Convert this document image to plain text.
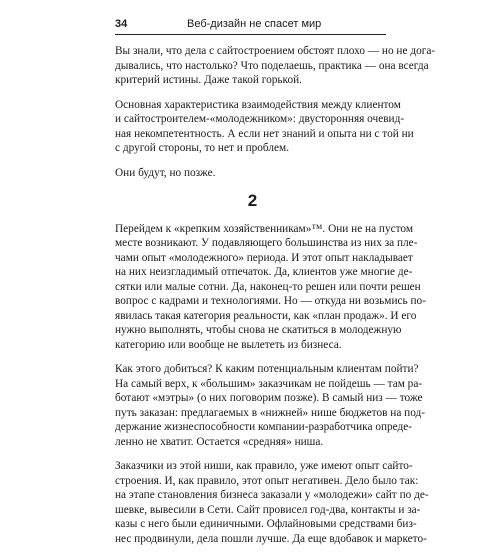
34	Веб-дизайн не спасет мир
Вы знали, что дела с сайтостроением обстоят плохо — но не дога-
дывались, что настолько? Что поделаешь, практика — она всегда
критерий истины. Даже такой горькой.
Основная характеристика взаимодействия между клиентом
и сайтостроителем-«молодежником»: двусторонняя очевид-
ная некомпетентность. А если нет знаний и опыта ни с той ни
с другой стороны, то нет и проблем.
Они будут, но позже.
2
Перейдем к «крепким хозяйственникам»™. Они не на пустом
месте возникают. У подавляющего большинства из них за пле-
чами опыт «молодежного» периода. И этот опыт накладывает
на них неизгладимый отпечаток. Да, клиентов уже многие де-
сятки или малые сотни. Да, наконец-то решен или почти решен
вопрос с кадрами и технологиями. Но — откуда ни возьмись по-
явилась такая категория реальности, как «план продаж». И его
нужно выполнять, чтобы снова не скатиться в молодежную
категорию или вообще не вылететь из бизнеса.
Как этого добиться? К каким потенциальным клиентам пойти?
На самый верх, к «большим» заказчикам не пойдешь — там ра-
ботают «мэтры» (о них поговорим позже). В самый низ — тоже
путь заказан: предлагаемых в «нижней» нише бюджетов на под-
держание жизнеспособности компании-разработчика опреде-
ленно не хватит. Остается «средняя» ниша.
Заказчики из этой ниши, как правило, уже имеют опыт сайто-
строения. И, как правило, этот опыт негативен. Дело было так:
на этапе становления бизнеса заказали у «молодежи» сайт по де-
шевке, вывесили в Сети. Сайт провисел год-два, контакты и за-
казы с него были единичными. Офлайновыми средствами биз-
нес продвинули, дела пошли лучше. Да еще вдобавок и маркето-
